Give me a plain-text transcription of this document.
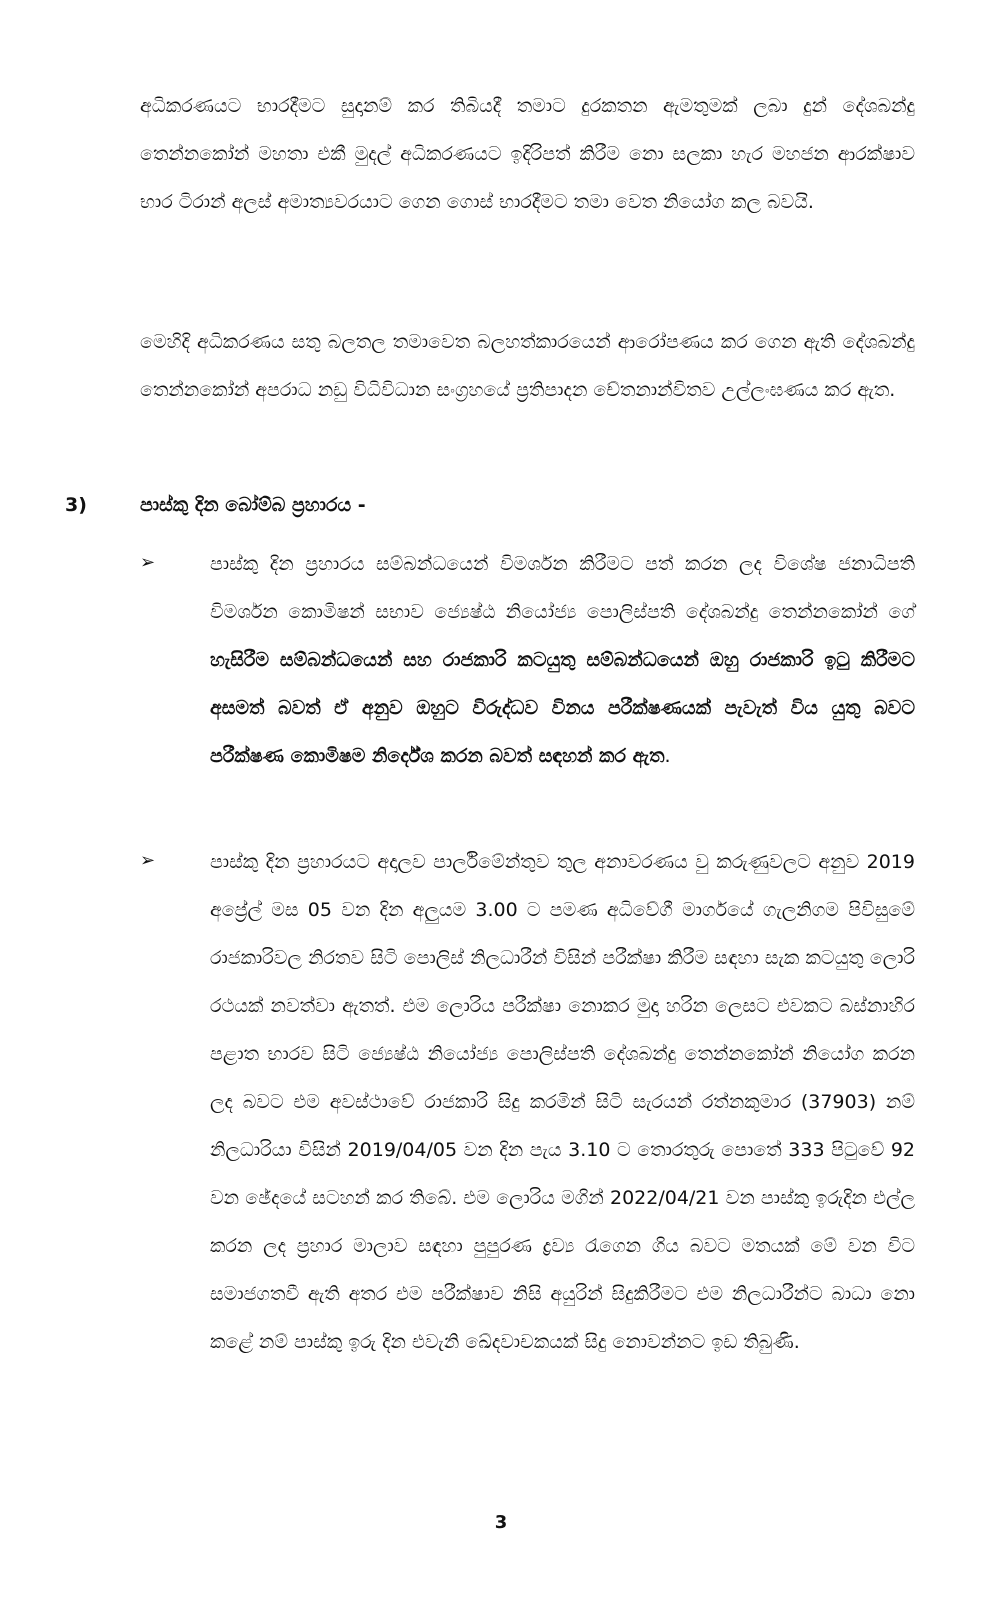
අධිකරණයට භාරදීමට සුදානම් කර තිබියදී තමාට දුරකතන ඇමතුමක් ලබා දුන් දේශබන්දු තෙන්නකෝන් මහතා එකී මුදල් අධිකරණයට ඉදිරිපත් කිරීම නො සලකා හැර මහජන ආරක්ෂාව භාර ටිරාන් අලස් අමාත්‍යවරයාට ගෙන ගොස් භාරදීමට තමා වෙත නියෝග කල බවයි.

මෙහිදි අධිකරණය සතු බලතල තමාවෙත බලහත්කාරයෙන් ආරෝපණය කර ගෙන ඇති දේශබන්දු තෙන්නකෝන් අපරාධ නඩු විධිවිධාන සංග්‍රහයේ ප්‍රතිපාදන චේතනාන්විතව උල්ලංඝණය කර ඇත.

3)	පාස්කු දින බෝම්බ ප්‍රහාරය -
➢	පාස්කු දින ප්‍රහාරය සම්බන්ධයෙන් විමර්ශන කිරීමට පත් කරන ලද විශේෂ ජනාධිපති විමර්ශන කොමිෂන් සභාව ජ්‍යෙෂ්ඨ නියෝජ්‍ය පොලිස්පති දේශබන්දු තෙන්නකෝන් ගේ හැසිරීම සම්බන්ධයෙන් සහ රාජකාරි කටයුතු සම්බන්ධයෙන් ඔහු රාජකාරි ඉටු කිරීමට අසමත් බවත් ඒ අනුව ඔහුට විරුද්ධව විනය පරීක්ෂණයක් පැවැත් විය යුතු බවට පරීක්ෂණ කොමිෂම නිර්දේශ කරන බවත් සඳහන් කර ඇත.

➢	පාස්කු දින ප්‍රහාරයට අදාලව පාර්ලිමේන්තුව තුල අනාවරණය වු කරුණුවලට අනුව 2019 අප්‍රේල් මස 05 වන දින අලුයම 3.00 ට පමණ අධිවේගී මාර්ගයේ ගැලනිගම පිවිසුමේ රාජකාරිවල නිරතව සිටි පොලිස් නිලධාරීන් විසින් පරීක්ෂා කිරීම සඳහා සැක කටයුතු ලොරි රථයක් නවත්වා ඇතත්. එම ලොරිය පරීක්ෂා නොකර මුදා හරින ලෙසට එවකට බස්නාහිර පළාත භාරව සිටි ජ්‍යෙෂ්ඨ නියෝජ්‍ය පොලිස්පති දේශබන්දු තෙන්නකෝන් නියෝග කරන ලද බවට එම අවස්ථාවේ රාජකාරි සිදු කරමින් සිටි සැරයන් රත්නකුමාර (37903) නම් නිලධාරියා විසින් 2019/04/05 වන දින පැය 3.10 ට තොරතුරු පොතේ 333 පිටුවේ 92 වන ඡේදයේ සටහන් කර තිබේ. එම ලොරිය මගින් 2022/04/21 වන පාස්කු ඉරුදින එල්ල කරන ලද ප්‍රහාර මාලාව සඳහා පුපුරණ ද්‍රව්‍ය රැගෙන ගිය බවට මතයක් මේ වන විට සමාජගතවී ඇති අතර එම පරීක්ෂාව නිසි අයුරින් සිදුකිරීමට එම නිලධාරීන්ට බාධා නො කළේ නම් පාස්කු ඉරු දින එවැනි ඛේදවාචකයක් සිදු නොවන්නට ඉඩ තිබුණි.

3
